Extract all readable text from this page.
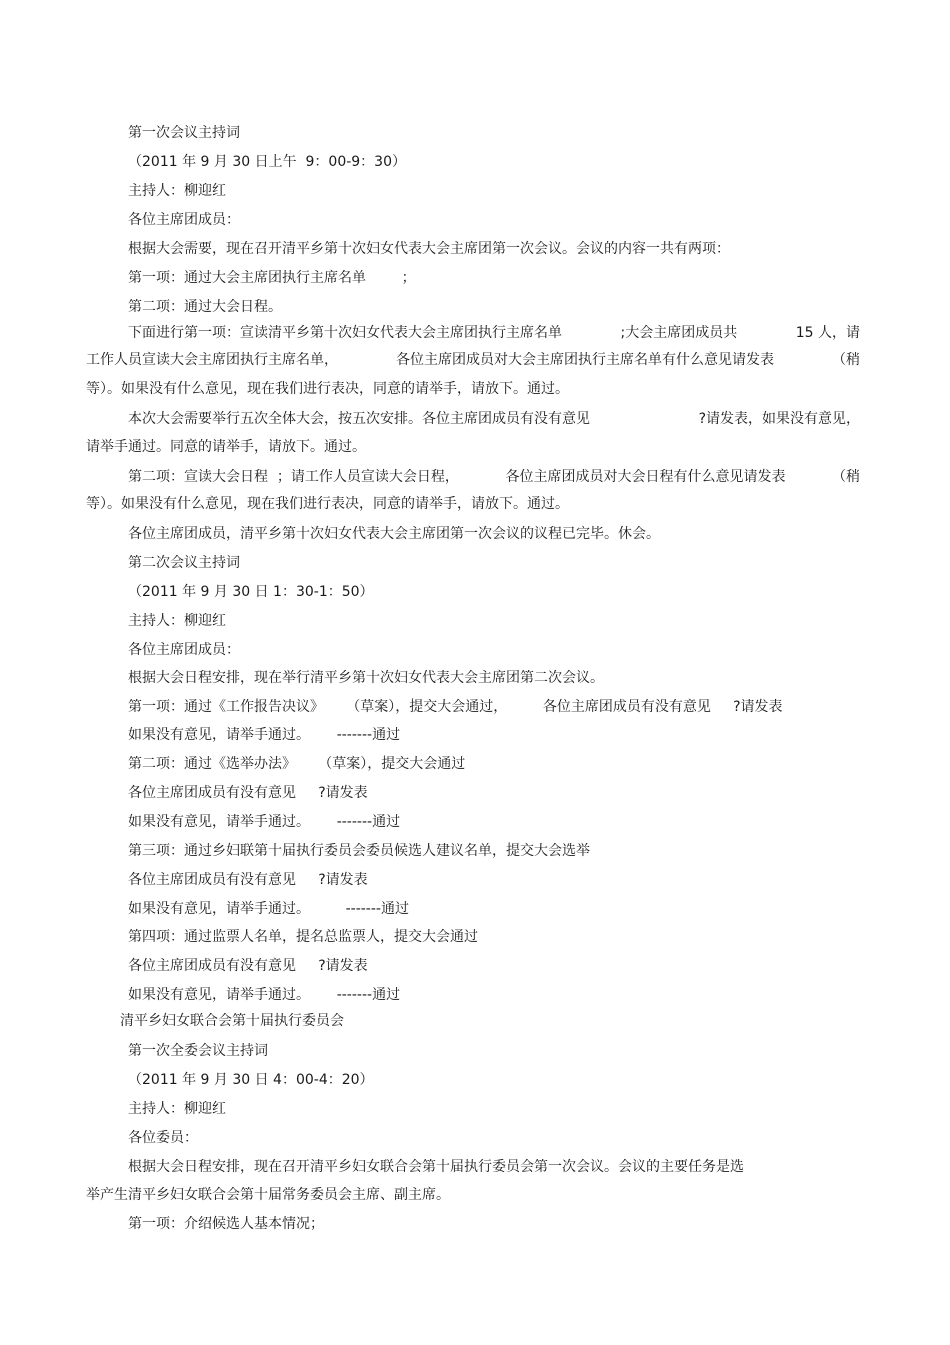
第一次会议主持词
（2011 年 9 月 30 日上午  9：00-9：30）
主持人：柳迎红
各位主席团成员：
根据大会需要，现在召开清平乡第十次妇女代表大会主席团第一次会议。会议的内容一共有两项：
第一项：通过大会主席团执行主席名单        ；
第二项：通过大会日程。
下面进行第一项：宣读清平乡第十次妇女代表大会主席团执行主席名单	;大会主席团成员共	15 人，请
工作人员宣读大会主席团执行主席名单，	各位主席团成员对大会主席团执行主席名单有什么意见请发表	（稍
等）。如果没有什么意见，现在我们进行表决，同意的请举手，请放下。通过。
本次大会需要举行五次全体大会，按五次安排。各位主席团成员有没有意见	?请发表，如果没有意见，
请举手通过。同意的请举手，请放下。通过。
第二项：宣读大会日程  ；请工作人员宣读大会日程，	各位主席团成员对大会日程有什么意见请发表	（稍
等）。如果没有什么意见，现在我们进行表决，同意的请举手，请放下。通过。
各位主席团成员，清平乡第十次妇女代表大会主席团第一次会议的议程已完毕。休会。
第二次会议主持词
（2011 年 9 月 30 日 1：30-1：50）
主持人：柳迎红
各位主席团成员：
根据大会日程安排，现在举行清平乡第十次妇女代表大会主席团第二次会议。
第一项：通过《工作报告决议》     （草案），提交大会通过，        各位主席团成员有没有意见     ?请发表
如果没有意见，请举手通过。      -------通过
第二项：通过《选举办法》     （草案），提交大会通过
各位主席团成员有没有意见     ?请发表
如果没有意见，请举手通过。      -------通过
第三项：通过乡妇联第十届执行委员会委员候选人建议名单，提交大会选举
各位主席团成员有没有意见     ?请发表
如果没有意见，请举手通过。        -------通过
第四项：通过监票人名单，提名总监票人，提交大会通过
各位主席团成员有没有意见     ?请发表
如果没有意见，请举手通过。      -------通过
清平乡妇女联合会第十届执行委员会
第一次全委会议主持词
（2011 年 9 月 30 日 4：00-4：20）
主持人：柳迎红
各位委员：
根据大会日程安排，现在召开清平乡妇女联合会第十届执行委员会第一次会议。会议的主要任务是选
举产生清平乡妇女联合会第十届常务委员会主席、副主席。
第一项：介绍候选人基本情况；
